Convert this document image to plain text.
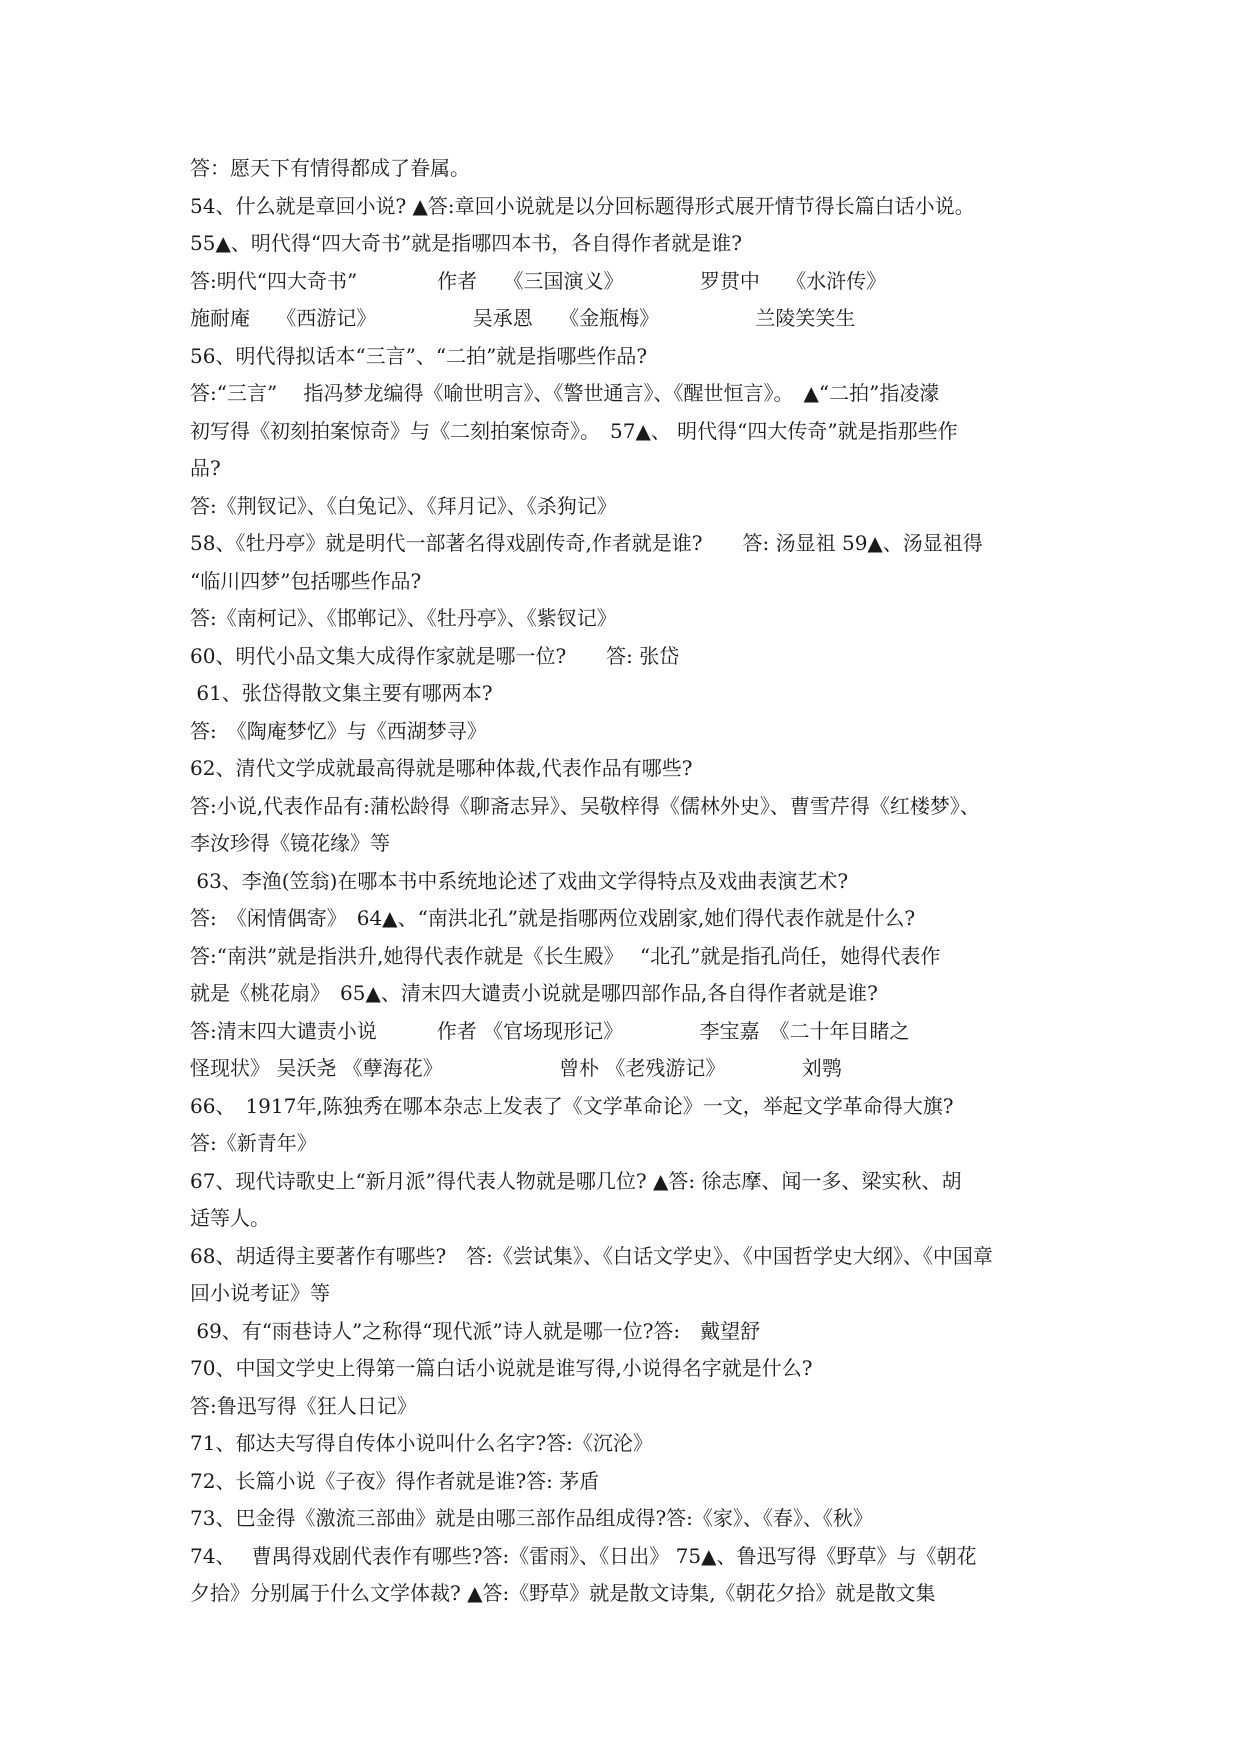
答：愿天下有情得都成了眷属。
54、什么就是章回小说? ▲答:章回小说就是以分回标题得形式展开情节得长篇白话小说。
55▲、明代得“四大奇书”就是指哪四本书，各自得作者就是谁?
答:明代“四大奇书”　　　　作者　 《三国演义》　　　　 罗贯中　 《水浒传》
施耐庵　 《西游记》　　　　　 吴承恩　 《金瓶梅》　　　　　 兰陵笑笑生
56、明代得拟话本“三言”、“二拍”就是指哪些作品?
答:“三言”　 指冯梦龙编得《喻世明言》、《警世通言》、《醒世恒言》。　▲“二拍”指凌濛
初写得《初刻拍案惊奇》与《二刻拍案惊奇》。　57▲、 明代得“四大传奇”就是指那些作
品?
答:《荆钗记》、《白兔记》、《拜月记》、《杀狗记》
58、《牡丹亭》就是明代一部著名得戏剧传奇,作者就是谁?　　答: 汤显祖 59▲、汤显祖得
“临川四梦”包括哪些作品?
答:《南柯记》、《邯郸记》、《牡丹亭》、《紫钗记》
60、明代小品文集大成得作家就是哪一位?　　答: 张岱
61、张岱得散文集主要有哪两本?
答:　《陶庵梦忆》与《西湖梦寻》
62、清代文学成就最高得就是哪种体裁,代表作品有哪些?
答:小说,代表作品有:蒲松龄得《聊斋志异》、吴敬梓得《儒林外史》、曹雪芹得《红楼梦》、
李汝珍得《镜花缘》等
63、李渔(笠翁)在哪本书中系统地论述了戏曲文学得特点及戏曲表演艺术?
答:　《闲情偶寄》　64▲、“南洪北孔”就是指哪两位戏剧家,她们得代表作就是什么?
答:“南洪”就是指洪升,她得代表作就是《长生殿》　 “北孔”就是指孔尚任，她得代表作
就是《桃花扇》　65▲、清末四大谴责小说就是哪四部作品,各自得作者就是谁?
答:清末四大谴责小说　　　作者 《官场现形记》　　　　 李宝嘉　《二十年目睹之
怪现状》 吴沃尧 《孽海花》　　　　　　 曾朴 《老残游记》　　　　 刘鹗
66、　1917年,陈独秀在哪本杂志上发表了《文学革命论》一文，举起文学革命得大旗?
答:《新青年》
67、现代诗歌史上“新月派”得代表人物就是哪几位? ▲答: 徐志摩、闻一多、梁实秋、胡
适等人。
68、胡适得主要著作有哪些?　答:《尝试集》、《白话文学史》、《中国哲学史大纲》、《中国章
回小说考证》等
69、有“雨巷诗人”之称得“现代派”诗人就是哪一位?答:　戴望舒
70、中国文学史上得第一篇白话小说就是谁写得,小说得名字就是什么?
答:鲁迅写得《狂人日记》
71、郁达夫写得自传体小说叫什么名字?答:《沉沦》
72、长篇小说《子夜》得作者就是谁?答: 茅盾
73、巴金得《激流三部曲》就是由哪三部作品组成得?答:《家》、《春》、《秋》
74、　 曹禺得戏剧代表作有哪些?答:《雷雨》、《日出》 75▲、鲁迅写得《野草》与《朝花
夕拾》分别属于什么文学体裁? ▲答:《野草》就是散文诗集,《朝花夕拾》就是散文集
